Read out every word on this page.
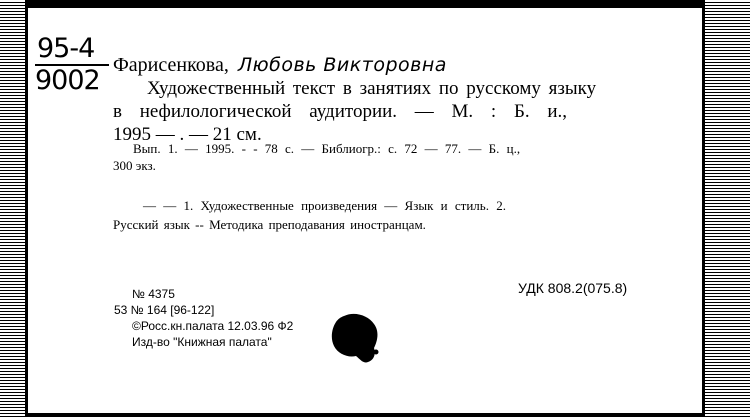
95-4
9002 Фарисенкова, Любовь Викторовна
Художественный текст в занятиях по русскому языку
в нефилологической аудитории. — М. : Б. и.,
1995 — . — 21 см.
Вып. 1. — 1995. - - 78 с. — Библиогр.: с. 72 — 77. — Б. ц.,
300 экз.
— — 1. Художественные произведения — Язык и стиль. 2.
Русский язык -- Методика преподавания иностранцам.
УДК 808.2(075.8)
№ 4375
53 № 164 [96-122]
©Росс.кн.палата 12.03.96 Ф2
Изд-во "Книжная палата"
